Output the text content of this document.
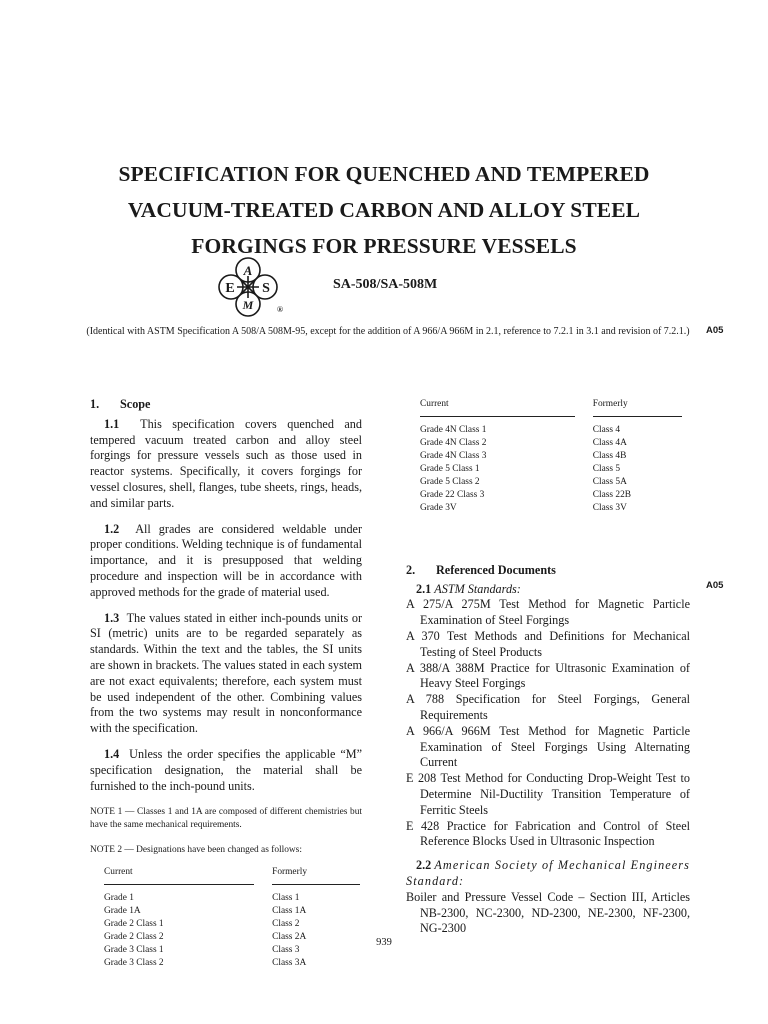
SPECIFICATION FOR QUENCHED AND TEMPERED
VACUUM-TREATED CARBON AND ALLOY STEEL
FORGINGS FOR PRESSURE VESSELS
A
E S
M	®
SA-508/SA-508M
(Identical with ASTM Specification A 508/A 508M-95, except for the addition of A 966/A 966M in 2.1, reference to 7.2.1 in 3.1 and revision of 7.2.1.) A05

1. Scope

1.1 This specification covers quenched and tempered vacuum treated carbon and alloy steel forgings for pressure vessels such as those used in reactor systems. Specifically, it covers forgings for vessel closures, shell, flanges, tube sheets, rings, heads, and similar parts.

1.2 All grades are considered weldable under proper conditions. Welding technique is of fundamental importance, and it is presupposed that welding procedure and inspection will be in accordance with approved methods for the grade of material used.

1.3 The values stated in either inch-pounds units or SI (metric) units are to be regarded separately as standards. Within the text and the tables, the SI units are shown in brackets. The values stated in each system are not exact equivalents; therefore, each system must be used independent of the other. Combining values from the two systems may result in nonconformance with the specification.

1.4 Unless the order specifies the applicable “M” specification designation, the material shall be furnished to the inch-pound units.

NOTE 1 — Classes 1 and 1A are composed of different chemistries but have the same mechanical requirements.

NOTE 2 — Designations have been changed as follows:

Current		Formerly
Grade 1		Class 1
Grade 1A		Class 1A
Grade 2 Class 1		Class 2
Grade 2 Class 2		Class 2A
Grade 3 Class 1		Class 3
Grade 3 Class 2		Class 3A
Current		Formerly
Grade 4N Class 1		Class 4
Grade 4N Class 2		Class 4A
Grade 4N Class 3		Class 4B
Grade 5 Class 1		Class 5
Grade 5 Class 2		Class 5A
Grade 22 Class 3		Class 22B
Grade 3V		Class 3V

2. Referenced Documents

2.1 ASTM Standards:

A 275/A 275M Test Method for Magnetic Particle Examination of Steel Forgings

A 370 Test Methods and Definitions for Mechanical Testing of Steel Products

A 388/A 388M Practice for Ultrasonic Examination of Heavy Steel Forgings

A 788 Specification for Steel Forgings, General Requirements

A 966/A 966M Test Method for Magnetic Particle Examination of Steel Forgings Using Alternating Current

E 208 Test Method for Conducting Drop-Weight Test to Determine Nil-Ductility Transition Temperature of Ferritic Steels

E 428 Practice for Fabrication and Control of Steel Reference Blocks Used in Ultrasonic Inspection

2.2 American Society of Mechanical Engineers Standard:

Boiler and Pressure Vessel Code – Section III, Articles NB-2300, NC-2300, ND-2300, NE-2300, NF-2300, NG-2300

A05
939
